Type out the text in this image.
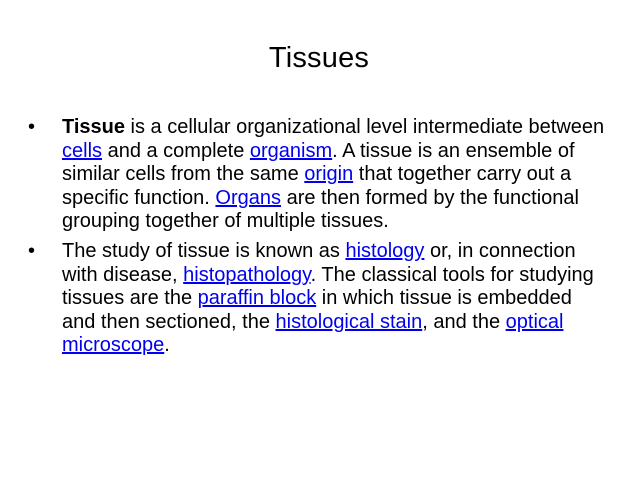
Tissues
•	Tissue is a cellular organizational level intermediate between cells and a complete organism. A tissue is an ensemble of similar cells from the same origin that together carry out a specific function. Organs are then formed by the functional grouping together of multiple tissues.
•	The study of tissue is known as histology or, in connection with disease, histopathology. The classical tools for studying tissues are the paraffin block in which tissue is embedded and then sectioned, the histological stain, and the optical microscope.
